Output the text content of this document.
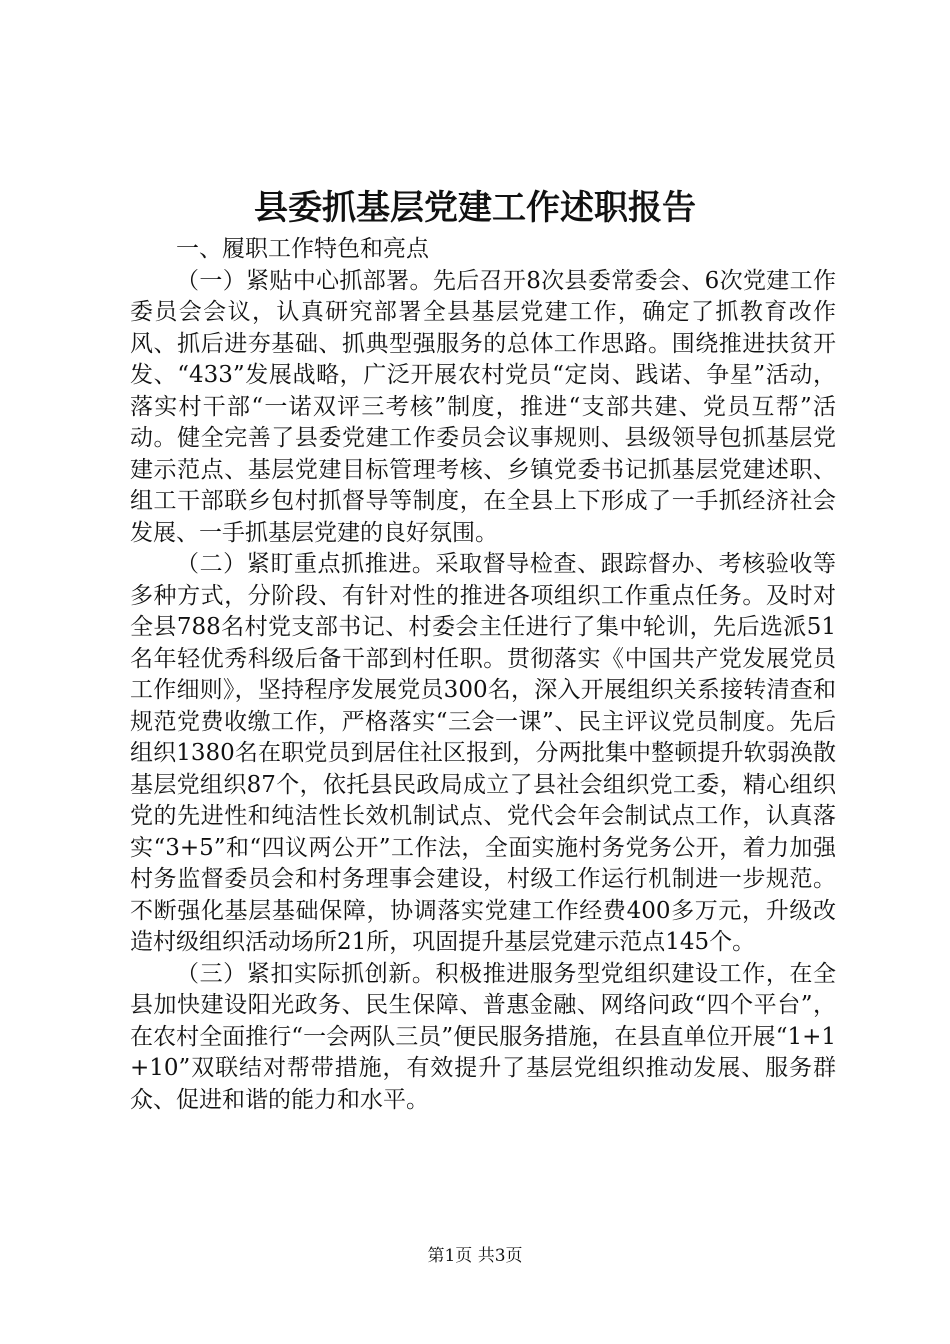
县委抓基层党建工作述职报告

一、履职工作特色和亮点

（一）紧贴中心抓部署。先后召开8次县委常委会、6次党建工作委员会会议，认真研究部署全县基层党建工作，确定了抓教育改作风、抓后进夯基础、抓典型强服务的总体工作思路。围绕推进扶贫开发、“433”发展战略，广泛开展农村党员“定岗、践诺、争星”活动，落实村干部“一诺双评三考核”制度，推进“支部共建、党员互帮”活动。健全完善了县委党建工作委员会议事规则、县级领导包抓基层党建示范点、基层党建目标管理考核、乡镇党委书记抓基层党建述职、组工干部联乡包村抓督导等制度，在全县上下形成了一手抓经济社会发展、一手抓基层党建的良好氛围。

（二）紧盯重点抓推进。采取督导检查、跟踪督办、考核验收等多种方式，分阶段、有针对性的推进各项组织工作重点任务。及时对全县788名村党支部书记、村委会主任进行了集中轮训，先后选派51名年轻优秀科级后备干部到村任职。贯彻落实《中国共产党发展党员工作细则》，坚持程序发展党员300名，深入开展组织关系接转清查和规范党费收缴工作，严格落实“三会一课”、民主评议党员制度。先后组织1380名在职党员到居住社区报到，分两批集中整顿提升软弱涣散基层党组织87个，依托县民政局成立了县社会组织党工委，精心组织党的先进性和纯洁性长效机制试点、党代会年会制试点工作，认真落实“3+5”和“四议两公开”工作法，全面实施村务党务公开，着力加强村务监督委员会和村务理事会建设，村级工作运行机制进一步规范。不断强化基层基础保障，协调落实党建工作经费400多万元，升级改造村级组织活动场所21所，巩固提升基层党建示范点145个。

（三）紧扣实际抓创新。积极推进服务型党组织建设工作，在全县加快建设阳光政务、民生保障、普惠金融、网络问政“四个平台”，在农村全面推行“一会两队三员”便民服务措施，在县直单位开展“1+1+10”双联结对帮带措施，有效提升了基层党组织推动发展、服务群众、促进和谐的能力和水平。

第1页 共3页
